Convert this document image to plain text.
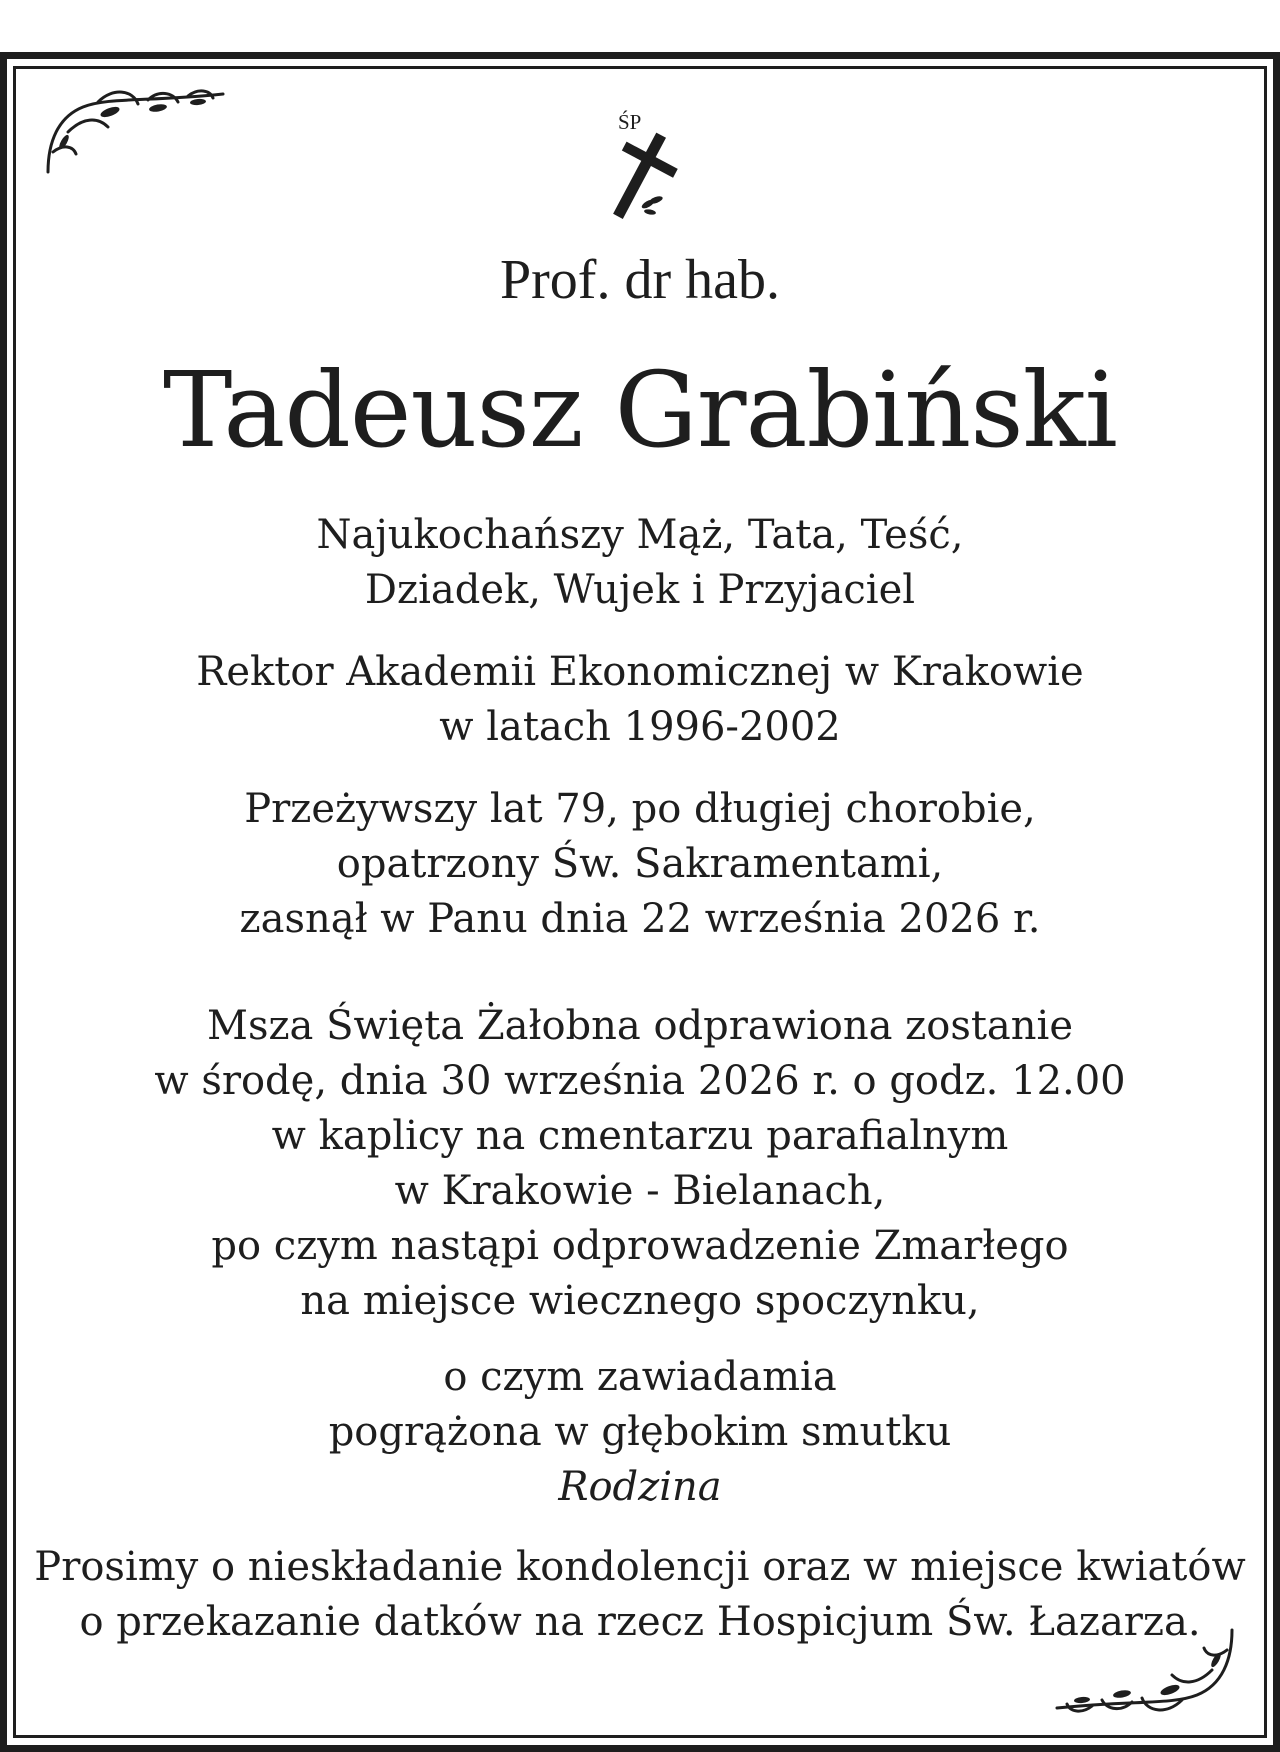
ŚP
Prof. dr hab.
Tadeusz Grabiński
Najukochańszy Mąż, Tata, Teść,
Dziadek, Wujek i Przyjaciel
Rektor Akademii Ekonomicznej w Krakowie
w latach 1996-2002
Przeżywszy lat 79, po długiej chorobie,
opatrzony Św. Sakramentami,
zasnął w Panu dnia 22 września 2026 r.
Msza Święta Żałobna odprawiona zostanie
w środę, dnia 30 września 2026 r. o godz. 12.00
w kaplicy na cmentarzu parafialnym
w Krakowie - Bielanach,
po czym nastąpi odprowadzenie Zmarłego
na miejsce wiecznego spoczynku,
o czym zawiadamia
pogrążona w głębokim smutku
Rodzina
Prosimy o nieskładanie kondolencji oraz w miejsce kwiatów
o przekazanie datków na rzecz Hospicjum Św. Łazarza.
